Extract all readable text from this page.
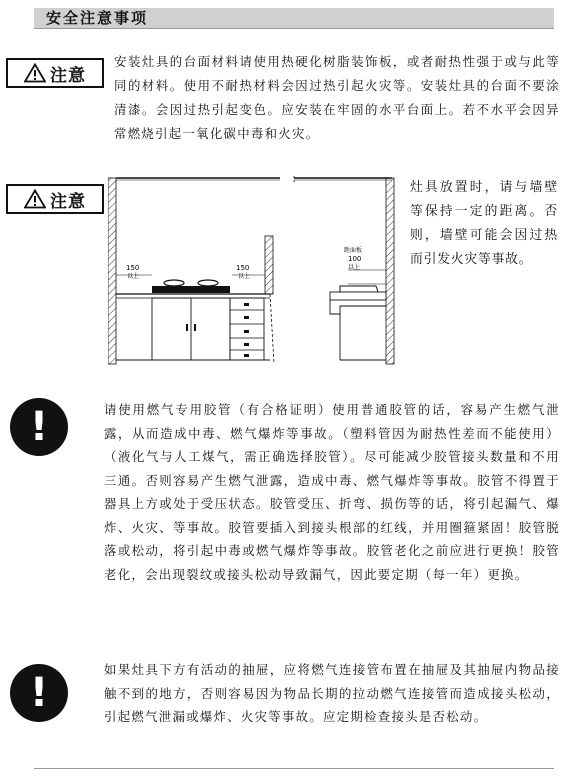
安全注意事项
注意

安装灶具的台面材料请使用热硬化树脂装饰板，或者耐热性强于或与此等同的材料。使用不耐热材料会因过热引起火灾等。安装灶具的台面不要涂清漆。会因过热引起变色。应安装在牢固的水平台面上。若不水平会因异常燃烧引起一氧化碳中毒和火灾。

注意
150
以上
150
以上
距面板
100
以上

灶具放置时，请与墙壁等保持一定的距离。否则，墙壁可能会因过热而引发火灾等事故。

!	请使用燃气专用胶管（有合格证明）使用普通胶管的话，容易产生燃气泄露，从而造成中毒、燃气爆炸等事故。（塑料管因为耐热性差而不能使用）（液化气与人工煤气，需正确选择胶管）。尽可能减少胶管接头数量和不用三通。否则容易产生燃气泄露，造成中毒、燃气爆炸等事故。胶管不得置于器具上方或处于受压状态。胶管受压、折弯、损伤等的话，将引起漏气、爆炸、火灾、等事故。胶管要插入到接头根部的红线，并用圈箍紧固！胶管脱落或松动，将引起中毒或燃气爆炸等事故。胶管老化之前应进行更换！胶管老化，会出现裂纹或接头松动导致漏气，因此要定期（每一年）更换。

!

如果灶具下方有活动的抽屉，应将燃气连接管布置在抽屉及其抽屉内物品接触不到的地方，否则容易因为物品长期的拉动燃气连接管而造成接头松动，引起燃气泄漏或爆炸、火灾等事故。应定期检查接头是否松动。
